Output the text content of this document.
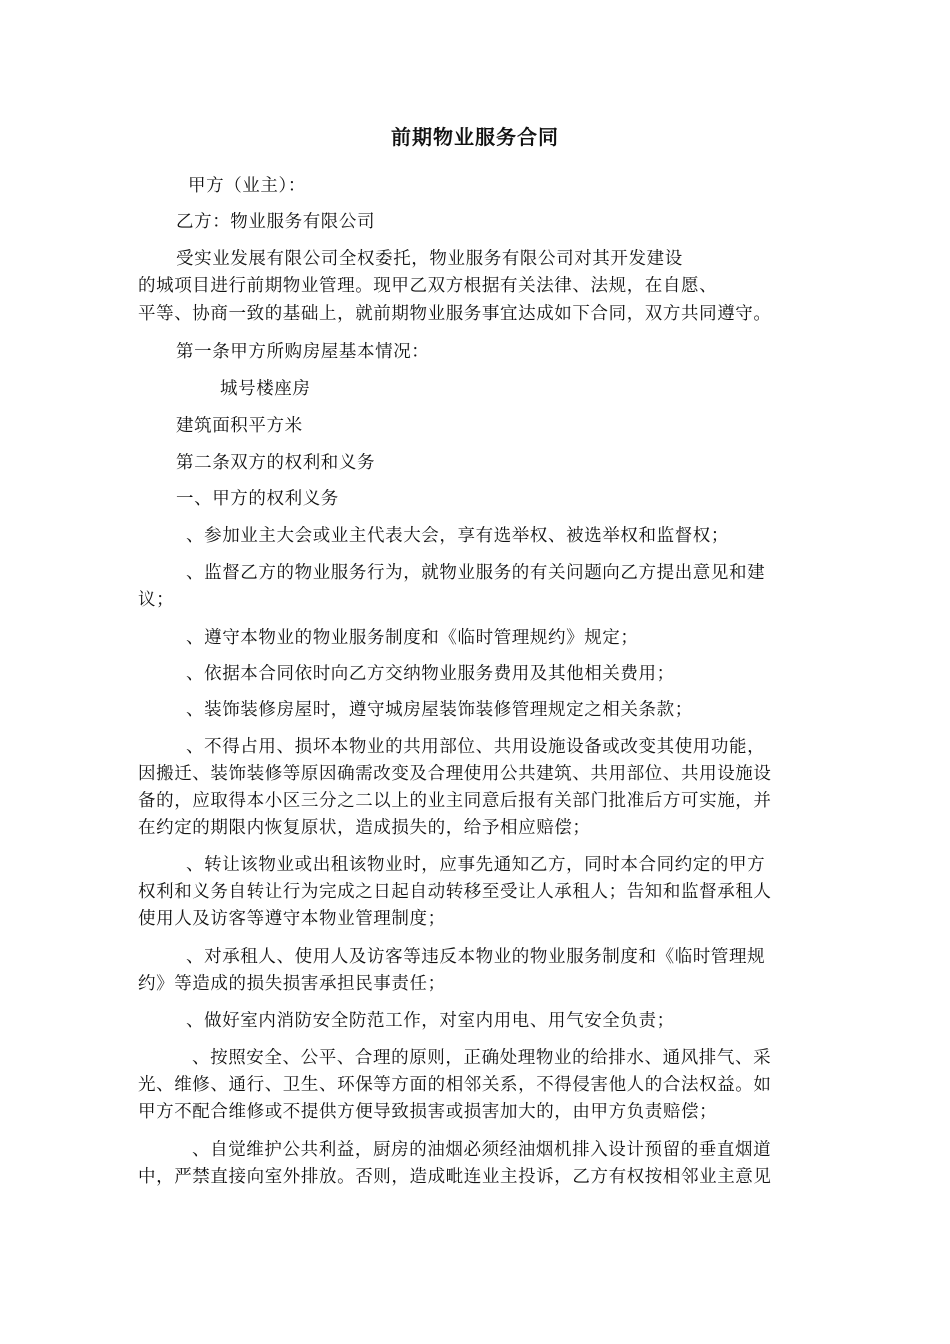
前期物业服务合同
甲方（业主）：
乙方：物业服务有限公司
受实业发展有限公司全权委托，物业服务有限公司对其开发建设
的城项目进行前期物业管理。现甲乙双方根据有关法律、法规，在自愿、
平等、协商一致的基础上，就前期物业服务事宜达成如下合同，双方共同遵守。
第一条甲方所购房屋基本情况：
城号楼座房
建筑面积平方米
第二条双方的权利和义务
一、甲方的权利义务
、参加业主大会或业主代表大会，享有选举权、被选举权和监督权；
、监督乙方的物业服务行为，就物业服务的有关问题向乙方提出意见和建
议；
、遵守本物业的物业服务制度和《临时管理规约》规定；
、依据本合同依时向乙方交纳物业服务费用及其他相关费用；
、装饰装修房屋时，遵守城房屋装饰装修管理规定之相关条款；
、不得占用、损坏本物业的共用部位、共用设施设备或改变其使用功能，
因搬迁、装饰装修等原因确需改变及合理使用公共建筑、共用部位、共用设施设
备的，应取得本小区三分之二以上的业主同意后报有关部门批准后方可实施，并
在约定的期限内恢复原状，造成损失的，给予相应赔偿；
、转让该物业或出租该物业时，应事先通知乙方，同时本合同约定的甲方
权利和义务自转让行为完成之日起自动转移至受让人承租人；告知和监督承租人
使用人及访客等遵守本物业管理制度；
、对承租人、使用人及访客等违反本物业的物业服务制度和《临时管理规
约》等造成的损失损害承担民事责任；
、做好室内消防安全防范工作，对室内用电、用气安全负责；
、按照安全、公平、合理的原则，正确处理物业的给排水、通风排气、采
光、维修、通行、卫生、环保等方面的相邻关系，不得侵害他人的合法权益。如
甲方不配合维修或不提供方便导致损害或损害加大的，由甲方负责赔偿；
、自觉维护公共利益，厨房的油烟必须经油烟机排入设计预留的垂直烟道
中，严禁直接向室外排放。否则，造成毗连业主投诉，乙方有权按相邻业主意见
